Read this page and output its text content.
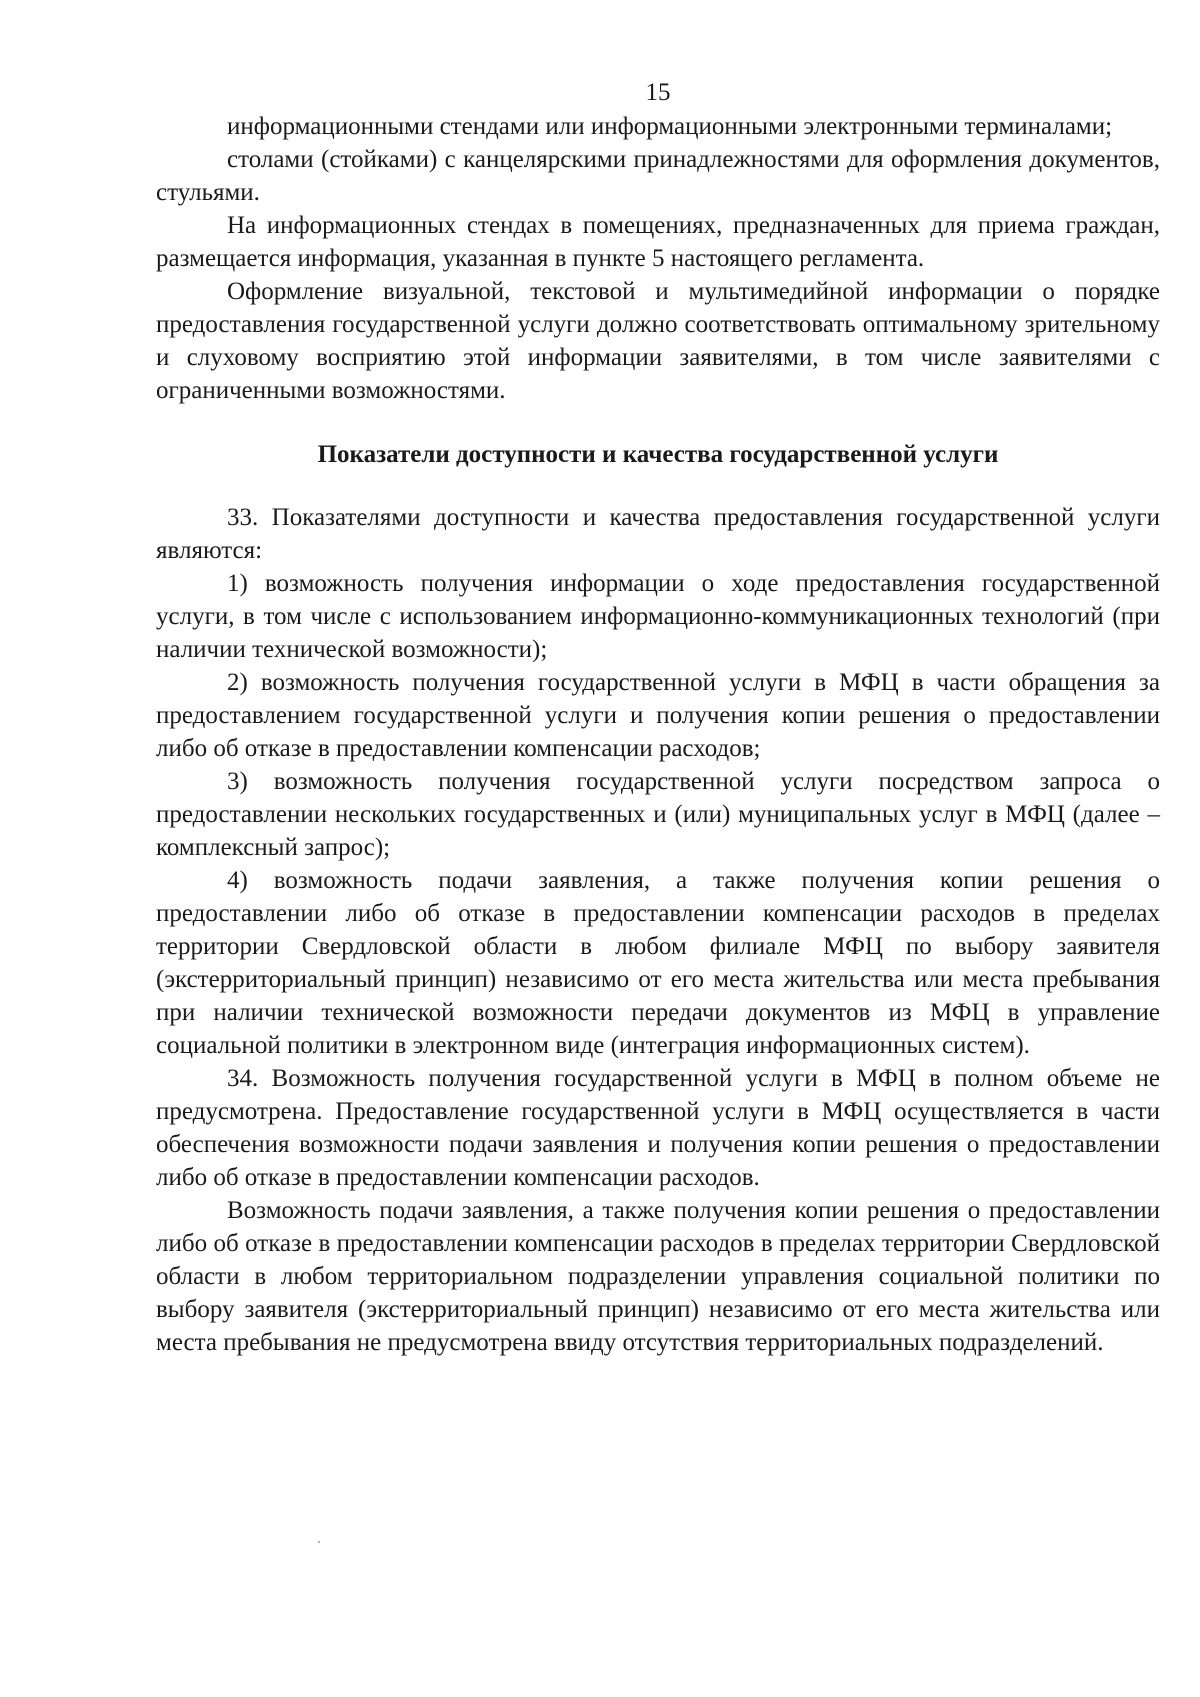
15

информационными стендами или информационными электронными терминалами;

столами (стойками) с канцелярскими принадлежностями для оформления документов, стульями.

На информационных стендах в помещениях, предназначенных для приема граждан, размещается информация, указанная в пункте 5 настоящего регламента.

Оформление визуальной, текстовой и мультимедийной информации о порядке предоставления государственной услуги должно соответствовать оптимальному зрительному и слуховому восприятию этой информации заявителями, в том числе заявителями с ограниченными возможностями.

Показатели доступности и качества государственной услуги

33. Показателями доступности и качества предоставления государственной услуги являются:

1) возможность получения информации о ходе предоставления государственной услуги, в том числе с использованием информационно-коммуникационных технологий (при наличии технической возможности);

2) возможность получения государственной услуги в МФЦ в части обращения за предоставлением государственной услуги и получения копии решения о предоставлении либо об отказе в предоставлении компенсации расходов;

3) возможность получения государственной услуги посредством запроса о предоставлении нескольких государственных и (или) муниципальных услуг в МФЦ (далее – комплексный запрос);

4) возможность подачи заявления, а также получения копии решения о предоставлении либо об отказе в предоставлении компенсации расходов в пределах территории Свердловской области в любом филиале МФЦ по выбору заявителя (экстерриториальный принцип) независимо от его места жительства или места пребывания при наличии технической возможности передачи документов из МФЦ в управление социальной политики в электронном виде (интеграция информационных систем).

34. Возможность получения государственной услуги в МФЦ в полном объеме не предусмотрена. Предоставление государственной услуги в МФЦ осуществляется в части обеспечения возможности подачи заявления и получения копии решения о предоставлении либо об отказе в предоставлении компенсации расходов.

Возможность подачи заявления, а также получения копии решения о предоставлении либо об отказе в предоставлении компенсации расходов в пределах территории Свердловской области в любом территориальном подразделении управления социальной политики по выбору заявителя (экстерриториальный принцип) независимо от его места жительства или места пребывания не предусмотрена ввиду отсутствия территориальных подразделений.
